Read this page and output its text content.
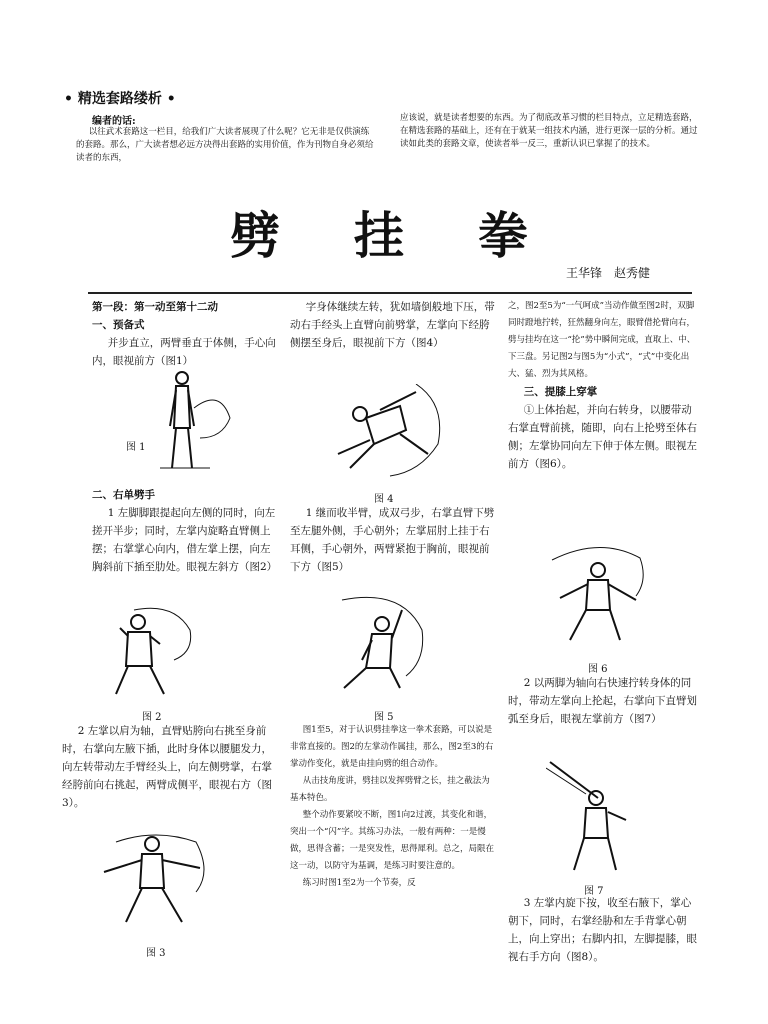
• 精选套路缕析 •
编者的话:

以往武术套路这一栏目，给我们广大读者展现了什么呢？它无非是仅供演练的套路。那么，广大读者想必远方决得出套路的实用价值，作为刊物自身必须给读者的东西，

应该说，就是读者想要的东西。为了彻底改革习惯的栏目特点，立足精选套路，在精选套路的基础上，还有在于就某一组技术内涵，进行更深一层的分析。通过读如此类的套路文章，使读者举一反三，重新认识已掌握了的技术。

劈　挂　拳
王华锋　赵秀健

第一段：第一动至第十二动

一、预备式

并步直立，两臂垂直于体侧，手心向内，眼视前方（图1）

图 1

二、右单劈手

1 左脚脚跟提起向左侧的同时，向左搓开半步；同时，左掌内旋略直臂侧上摆；右掌掌心向内，借左掌上摆，向左胸斜前下插至肋处。眼视左斜方（图2）

图 2

2 左掌以肩为轴，直臂贴胯向右挑至身前时，右掌向左腋下插，此时身体以腰腿发力，向左转带动左手臂经头上，向左侧劈掌，右掌经胯前向右挑起，两臂成侧平，眼视右方（图3）。

图 3

字身体继续左转，犹如墙倒般地下压，带动右手经头上直臂向前劈掌，左掌向下经胯侧摆至身后，眼视前下方（图4）

图 4

1 继而收半臂，成双弓步，右掌直臂下劈至左腿外侧，手心朝外；左掌屈肘上挂于右耳侧，手心朝外，两臂紧抱于胸前，眼视前下方（图5）

图 5

图1至5，对于认识劈挂拳这一拳术套路，可以说是非常直接的。图2的左掌动作属挂，那么，图2至3的右掌动作变化，就是由挂向劈的组合动作。

从击技角度讲，劈挂以发挥劈臂之长，挂之截法为基本特色。

整个动作要紧咬不断，图1向2过渡，其变化和谐，突出一个“闪”字。其练习办法，一般有两种：一是慢做，思得含蓄；一是突发性，思得犀利。总之，局限在这一动，以防守为基调，是练习时要注意的。

练习时图1至2为一个节奏，反

之，图2至5为“一气呵成”当动作做至图2时，双脚同时蹬地拧转，狂然翻身向左，眼臂借抡臂向右，劈与挂均在这一“抡”势中瞬间完成，直取上、中、下三盘。另记图2与图5为“小式”，“式”中变化出大、猛、烈为其风格。

三、提膝上穿掌

①上体抬起，并向右转身，以腰带动右掌直臂前挑，随即，向右上抡劈至体右侧；左掌协同向左下伸于体左侧。眼视左前方（图6）。

图 6

2 以两脚为轴向右快速拧转身体的同时，带动左掌向上抡起，右掌向下直臂划弧至身后，眼视左掌前方（图7）

图 7

3 左掌内旋下按，收至右腋下，掌心朝下，同时，右掌经胁和左手背掌心朝上，向上穿出；右脚内扣，左脚提膝，眼视右手方向（图8）。
